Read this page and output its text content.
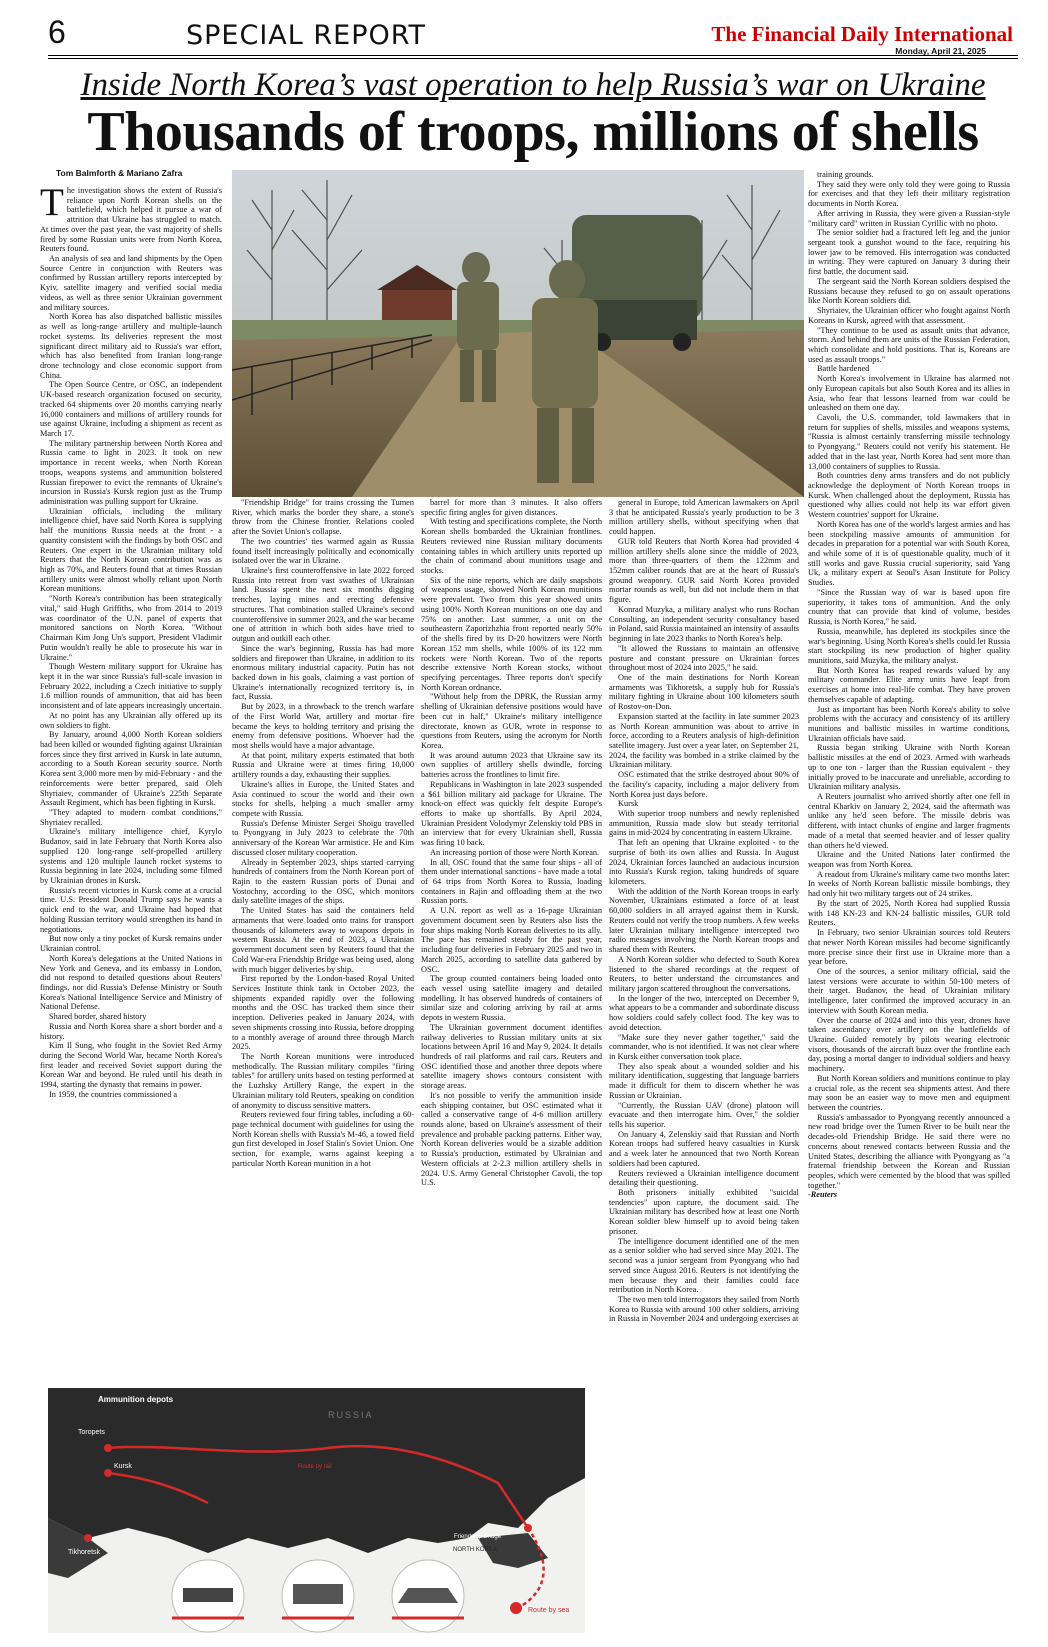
6	SPECIAL REPORT	The Financial Daily International
Monday, April 21, 2025
Inside North Korea’s vast operation to help Russia’s war on Ukraine
Thousands of troops, millions of shells
Tom Balmforth & Mariano Zafra
T he investigation shows the extent of Russia's reliance upon North Korean shells on the battlefield, which helped it pursue a war of attrition that Ukraine has struggled to match. At times over the past year, the vast majority of shells fired by some Russian units were from North Korea, Reuters found.

An analysis of sea and land shipments by the Open Source Centre in conjunction with Reuters was confirmed by Russian artillery reports intercepted by Kyiv, satellite imagery and verified social media videos, as well as three senior Ukrainian government and military sources.

North Korea has also dispatched ballistic missiles as well as long-range artillery and multiple-launch rocket systems. Its deliveries represent the most significant direct military aid to Russia's war effort, which has also benefited from Iranian long-range drone technology and close economic support from China.

The Open Source Centre, or OSC, an independent UK-based research organization focused on security, tracked 64 shipments over 20 months carrying nearly 16,000 containers and millions of artillery rounds for use against Ukraine, including a shipment as recent as March 17.

The military partnership between North Korea and Russia came to light in 2023. It took on new importance in recent weeks, when North Korean troops, weapons systems and ammunition bolstered Russian firepower to evict the remnants of Ukraine's incursion in Russia's Kursk region just as the Trump administration was pulling support for Ukraine.

Ukrainian officials, including the military intelligence chief, have said North Korea is supplying half the munitions Russia needs at the front - a quantity consistent with the findings by both OSC and Reuters. One expert in the Ukrainian military told Reuters that the North Korean contribution was as high as 70%, and Reuters found that at times Russian artillery units were almost wholly reliant upon North Korean munitions.

"North Korea's contribution has been strategically vital," said Hugh Griffiths, who from 2014 to 2019 was coordinator of the U.N. panel of experts that monitored sanctions on North Korea. "Without Chairman Kim Jong Un's support, President Vladimir Putin wouldn't really be able to prosecute his war in Ukraine."

Though Western military support for Ukraine has kept it in the war since Russia's full-scale invasion in February 2022, including a Czech initiative to supply 1.6 million rounds of ammunition, that aid has been inconsistent and of late appears increasingly uncertain.

At no point has any Ukrainian ally offered up its own soldiers to fight.

By January, around 4,000 North Korean soldiers had been killed or wounded fighting against Ukrainian forces since they first arrived in Kursk in late autumn, according to a South Korean security source. North Korea sent 3,000 more men by mid-February - and the reinforcements were better prepared, said Oleh Shyriaiev, commander of Ukraine's 225th Separate Assault Regiment, which has been fighting in Kursk.

"They adapted to modern combat conditions," Shyriaiev recalled.

Ukraine's military intelligence chief, Kyrylo Budanov, said in late February that North Korea also supplied 120 long-range self-propelled artillery systems and 120 multiple launch rocket systems to Russia beginning in late 2024, including some filmed by Ukrainian drones in Kursk.

Russia's recent victories in Kursk come at a crucial time. U.S. President Donald Trump says he wants a quick end to the war, and Ukraine had hoped that holding Russian territory would strengthen its hand in negotiations.

But now only a tiny pocket of Kursk remains under Ukrainian control.

North Korea's delegations at the United Nations in New York and Geneva, and its embassy in London, did not respond to detailed questions about Reuters' findings, nor did Russia's Defense Ministry or South Korea's National Intelligence Service and Ministry of National Defense.

Shared border, shared history

Russia and North Korea share a short border and a history.

Kim Il Sung, who fought in the Soviet Red Army during the Second World War, became North Korea's first leader and received Soviet support during the Korean War and beyond. He ruled until his death in 1994, starting the dynasty that remains in power.

In 1959, the countries commissioned a

"Friendship Bridge" for trains crossing the Tumen River, which marks the border they share, a stone's throw from the Chinese frontier. Relations cooled after the Soviet Union's collapse.

The two countries' ties warmed again as Russia found itself increasingly politically and economically isolated over the war in Ukraine.

Ukraine's first counteroffensive in late 2022 forced Russia into retreat from vast swathes of Ukrainian land. Russia spent the next six months digging trenches, laying mines and erecting defensive structures. That combination stalled Ukraine's second counteroffensive in summer 2023, and the war became one of attrition in which both sides have tried to outgun and outkill each other.

Since the war's beginning, Russia has had more soldiers and firepower than Ukraine, in addition to its enormous military industrial capacity. Putin has not backed down in his goals, claiming a vast portion of Ukraine's internationally recognized territory is, in fact, Russia.

But by 2023, in a throwback to the trench warfare of the First World War, artillery and mortar fire became the keys to holding territory and prising the enemy from defensive positions. Whoever had the most shells would have a major advantage.

At that point, military experts estimated that both Russia and Ukraine were at times firing 10,000 artillery rounds a day, exhausting their supplies.

Ukraine's allies in Europe, the United States and Asia continued to scour the world and their own stocks for shells, helping a much smaller army compete with Russia.

Russia's Defense Minister Sergei Shoigu travelled to Pyongyang in July 2023 to celebrate the 70th anniversary of the Korean War armistice. He and Kim discussed closer military cooperation.

Already in September 2023, ships started carrying hundreds of containers from the North Korean port of Rajin to the eastern Russian ports of Dunai and Vostochny, according to the OSC, which monitors daily satellite images of the ships.

The United States has said the containers held armaments that were loaded onto trains for transport thousands of kilometers away to weapons depots in western Russia. At the end of 2023, a Ukrainian government document seen by Reuters found that the Cold War-era Friendship Bridge was being used, along with much bigger deliveries by ship.

First reported by the London-based Royal United Services Institute think tank in October 2023, the shipments expanded rapidly over the following months and the OSC has tracked them since their inception. Deliveries peaked in January 2024, with seven shipments crossing into Russia, before dropping to a monthly average of around three through March 2025.

The North Korean munitions were introduced methodically. The Russian military compiles "firing tables" for artillery units based on testing performed at the Luzhsky Artillery Range, the expert in the Ukrainian military told Reuters, speaking on condition of anonymity to discuss sensitive matters.

Reuters reviewed four firing tables, including a 60-page technical document with guidelines for using the North Korean shells with Russia's M-46, a towed field gun first developed in Josef Stalin's Soviet Union. One section, for example, warns against keeping a particular North Korean munition in a hot

barrel for more than 3 minutes. It also offers specific firing angles for given distances.

With testing and specifications complete, the North Korean shells bombarded the Ukrainian frontlines. Reuters reviewed nine Russian military documents containing tables in which artillery units reported up the chain of command about munitions usage and stocks.

Six of the nine reports, which are daily snapshots of weapons usage, showed North Korean munitions were prevalent. Two from this year showed units using 100% North Korean munitions on one day and 75% on another. Last summer, a unit on the southeastern Zaporizhzhia front reported nearly 50% of the shells fired by its D-20 howitzers were North Korean 152 mm shells, while 100% of its 122 mm rockets were North Korean. Two of the reports describe extensive North Korean stocks, without specifying percentages. Three reports don't specify North Korean ordnance.

"Without help from the DPRK, the Russian army shelling of Ukrainian defensive positions would have been cut in half," Ukraine's military intelligence directorate, known as GUR, wrote in response to questions from Reuters, using the acronym for North Korea.

It was around autumn 2023 that Ukraine saw its own supplies of artillery shells dwindle, forcing batteries across the frontlines to limit fire.

Republicans in Washington in late 2023 suspended a $61 billion military aid package for Ukraine. The knock-on effect was quickly felt despite Europe's efforts to make up shortfalls. By April 2024, Ukrainian President Volodymyr Zelenskiy told PBS in an interview that for every Ukrainian shell, Russia was firing 10 back.

An increasing portion of those were North Korean.

In all, OSC found that the same four ships - all of them under international sanctions - have made a total of 64 trips from North Korea to Russia, loading containers in Rajin and offloading them at the two Russian ports.

A U.N. report as well as a 16-page Ukrainian government document seen by Reuters also lists the four ships making North Korean deliveries to its ally. The pace has remained steady for the past year, including four deliveries in February 2025 and two in March 2025, according to satellite data gathered by OSC.

The group counted containers being loaded onto each vessel using satellite imagery and detailed modelling. It has observed hundreds of containers of similar size and coloring arriving by rail at arms depots in western Russia.

The Ukrainian government document identifies railway deliveries to Russian military units at six locations between April 16 and May 9, 2024. It details hundreds of rail platforms and rail cars. Reuters and OSC identified those and another three depots where satellite imagery shows contours consistent with storage areas.

It's not possible to verify the ammunition inside each shipping container, but OSC estimated what it called a conservative range of 4-6 million artillery rounds alone, based on Ukraine's assessment of their prevalence and probable packing patterns. Either way, North Korean deliveries would be a sizable addition to Russia's production, estimated by Ukrainian and Western officials at 2-2.3 million artillery shells in 2024. U.S. Army General Christopher Cavoli, the top U.S.

general in Europe, told American lawmakers on April 3 that he anticipated Russia's yearly production to be 3 million artillery shells, without specifying when that could happen.

GUR told Reuters that North Korea had provided 4 million artillery shells alone since the middle of 2023, more than three-quarters of them the 122mm and 152mm caliber rounds that are at the heart of Russia's ground weaponry. GUR said North Korea provided mortar rounds as well, but did not include them in that figure.

Konrad Muzyka, a military analyst who runs Rochan Consulting, an independent security consultancy based in Poland, said Russia maintained an intensity of assaults beginning in late 2023 thanks to North Korea's help.

"It allowed the Russians to maintain an offensive posture and constant pressure on Ukrainian forces throughout most of 2024 into 2025," he said.

One of the main destinations for North Korean armaments was Tikhoretsk, a supply hub for Russia's military fighting in Ukraine about 100 kilometers south of Rostov-on-Don.

Expansion started at the facility in late summer 2023 as North Korean ammunition was about to arrive in force, according to a Reuters analysis of high-definition satellite imagery. Just over a year later, on September 21, 2024, the facility was bombed in a strike claimed by the Ukrainian military.

OSC estimated that the strike destroyed about 90% of the facility's capacity, including a major delivery from North Korea just days before.

Kursk

With superior troop numbers and newly replenished ammunition, Russia made slow but steady territorial gains in mid-2024 by concentrating in eastern Ukraine.

That left an opening that Ukraine exploited - to the surprise of both its own allies and Russia. In August 2024, Ukrainian forces launched an audacious incursion into Russia's Kursk region, taking hundreds of square kilometers.

With the addition of the North Korean troops in early November, Ukrainians estimated a force of at least 60,000 soldiers in all arrayed against them in Kursk. Reuters could not verify the troop numbers. A few weeks later Ukrainian military intelligence intercepted two radio messages involving the North Korean troops and shared them with Reuters.

A North Korean soldier who defected to South Korea listened to the shared recordings at the request of Reuters, to better understand the circumstances and military jargon scattered throughout the conversations.

In the longer of the two, intercepted on December 9, what appears to be a commander and subordinate discuss how soldiers could safely collect food. The key was to avoid detection.

"Make sure they never gather together," said the commander, who is not identified. It was not clear where in Kursk either conversation took place.

They also speak about a wounded soldier and his military identification, suggesting that language barriers made it difficult for them to discern whether he was Russian or Ukrainian.

"Currently, the Russian UAV (drone) platoon will evacuate and then interrogate him. Over," the soldier tells his superior.

On January 4, Zelenskiy said that Russian and North Korean troops had suffered heavy casualties in Kursk and a week later he announced that two North Korean soldiers had been captured.

Reuters reviewed a Ukrainian intelligence document detailing their questioning.

Both prisoners initially exhibited "suicidal tendencies" upon capture, the document said. The Ukrainian military has described how at least one North Korean soldier blew himself up to avoid being taken prisoner.

The intelligence document identified one of the men as a senior soldier who had served since May 2021. The second was a junior sergeant from Pyongyang who had served since August 2016. Reuters is not identifying the men because they and their families could face retribution in North Korea.

The two men told interrogators they sailed from North Korea to Russia with around 100 other soldiers, arriving in Russia in November 2024 and undergoing exercises at

training grounds.

They said they were only told they were going to Russia for exercises and that they left their military registration documents in North Korea.

After arriving in Russia, they were given a Russian-style "military card" written in Russian Cyrillic with no photo.

The senior soldier had a fractured left leg and the junior sergeant took a gunshot wound to the face, requiring his lower jaw to be removed. His interrogation was conducted in writing. They were captured on January 3 during their first battle, the document said.

The sergeant said the North Korean soldiers despised the Russians because they refused to go on assault operations like North Korean soldiers did.

Shyriaiev, the Ukrainian officer who fought against North Koreans in Kursk, agreed with that assessment.

"They continue to be used as assault units that advance, storm. And behind them are units of the Russian Federation, which consolidate and hold positions. That is, Koreans are used as assault troops."

Battle hardened

North Korea's involvement in Ukraine has alarmed not only European capitals but also South Korea and its allies in Asia, who fear that lessons learned from war could be unleashed on them one day.

Cavoli, the U.S. commander, told lawmakers that in return for supplies of shells, missiles and weapons systems, "Russia is almost certainly transferring missile technology to Pyongyang." Reuters could not verify his statement. He added that in the last year, North Korea had sent more than 13,000 containers of supplies to Russia.

Both countries deny arms transfers and do not publicly acknowledge the deployment of North Korean troops in Kursk. When challenged about the deployment, Russia has questioned why allies could not help its war effort given Western countries' support for Ukraine.

North Korea has one of the world's largest armies and has been stockpiling massive amounts of ammunition for decades in preparation for a potential war with South Korea, and while some of it is of questionable quality, much of it still works and gave Russia crucial superiority, said Yang Uk, a military expert at Seoul's Asan Institute for Policy Studies.

"Since the Russian way of war is based upon fire superiority, it takes tons of ammunition. And the only country that can provide that kind of volume, besides Russia, is North Korea," he said.

Russia, meanwhile, has depleted its stockpiles since the war's beginning. Using North Korea's shells could let Russia start stockpiling its new production of higher quality munitions, said Muzyka, the military analyst.

But North Korea has reaped rewards valued by any military commander. Elite army units have leapt from exercises at home into real-life combat. They have proven themselves capable of adapting.

Just as important has been North Korea's ability to solve problems with the accuracy and consistency of its artillery munitions and ballistic missiles in wartime conditions, Ukrainian officials have said.

Russia began striking Ukraine with North Korean ballistic missiles at the end of 2023. Armed with warheads up to one ton - larger than the Russian equivalent - they initially proved to be inaccurate and unreliable, according to Ukrainian military analysis.

A Reuters journalist who arrived shortly after one fell in central Kharkiv on January 2, 2024, said the aftermath was unlike any he'd seen before. The missile debris was different, with intact chunks of engine and larger fragments made of a metal that seemed heavier and of lesser quality than others he'd viewed.

Ukraine and the United Nations later confirmed the weapon was from North Korea.

A readout from Ukraine's military came two months later: In weeks of North Korean ballistic missile bombings, they had only hit two military targets out of 24 strikes.

By the start of 2025, North Korea had supplied Russia with 148 KN-23 and KN-24 ballistic missiles, GUR told Reuters.

In February, two senior Ukrainian sources told Reuters that newer North Korean missiles had become significantly more precise since their first use in Ukraine more than a year before.

One of the sources, a senior military official, said the latest versions were accurate to within 50-100 meters of their target. Budanov, the head of Ukrainian military intelligence, later confirmed the improved accuracy in an interview with South Korean media.

Over the course of 2024 and into this year, drones have taken ascendancy over artillery on the battlefields of Ukraine. Guided remotely by pilots wearing electronic visors, thousands of the aircraft buzz over the frontline each day, posing a mortal danger to individual soldiers and heavy machinery.

But North Korean soldiers and munitions continue to play a crucial role, as the recent sea shipments attest. And there may soon be an easier way to move men and equipment between the countries.

Russia's ambassador to Pyongyang recently announced a new road bridge over the Tumen River to be built near the decades-old Friendship Bridge. He said there were no concerns about renewed contacts between Russia and the United States, describing the alliance with Pyongyang as "a fraternal friendship between the Korean and Russian peoples, which were cemented by the blood that was spilled together."

-Reuters
Ammunition depots
Toropets
Kursk
Tikhoretsk
RUSSIA
Route by rail
Friendship Bridge
NORTH KOREA
Route by sea
